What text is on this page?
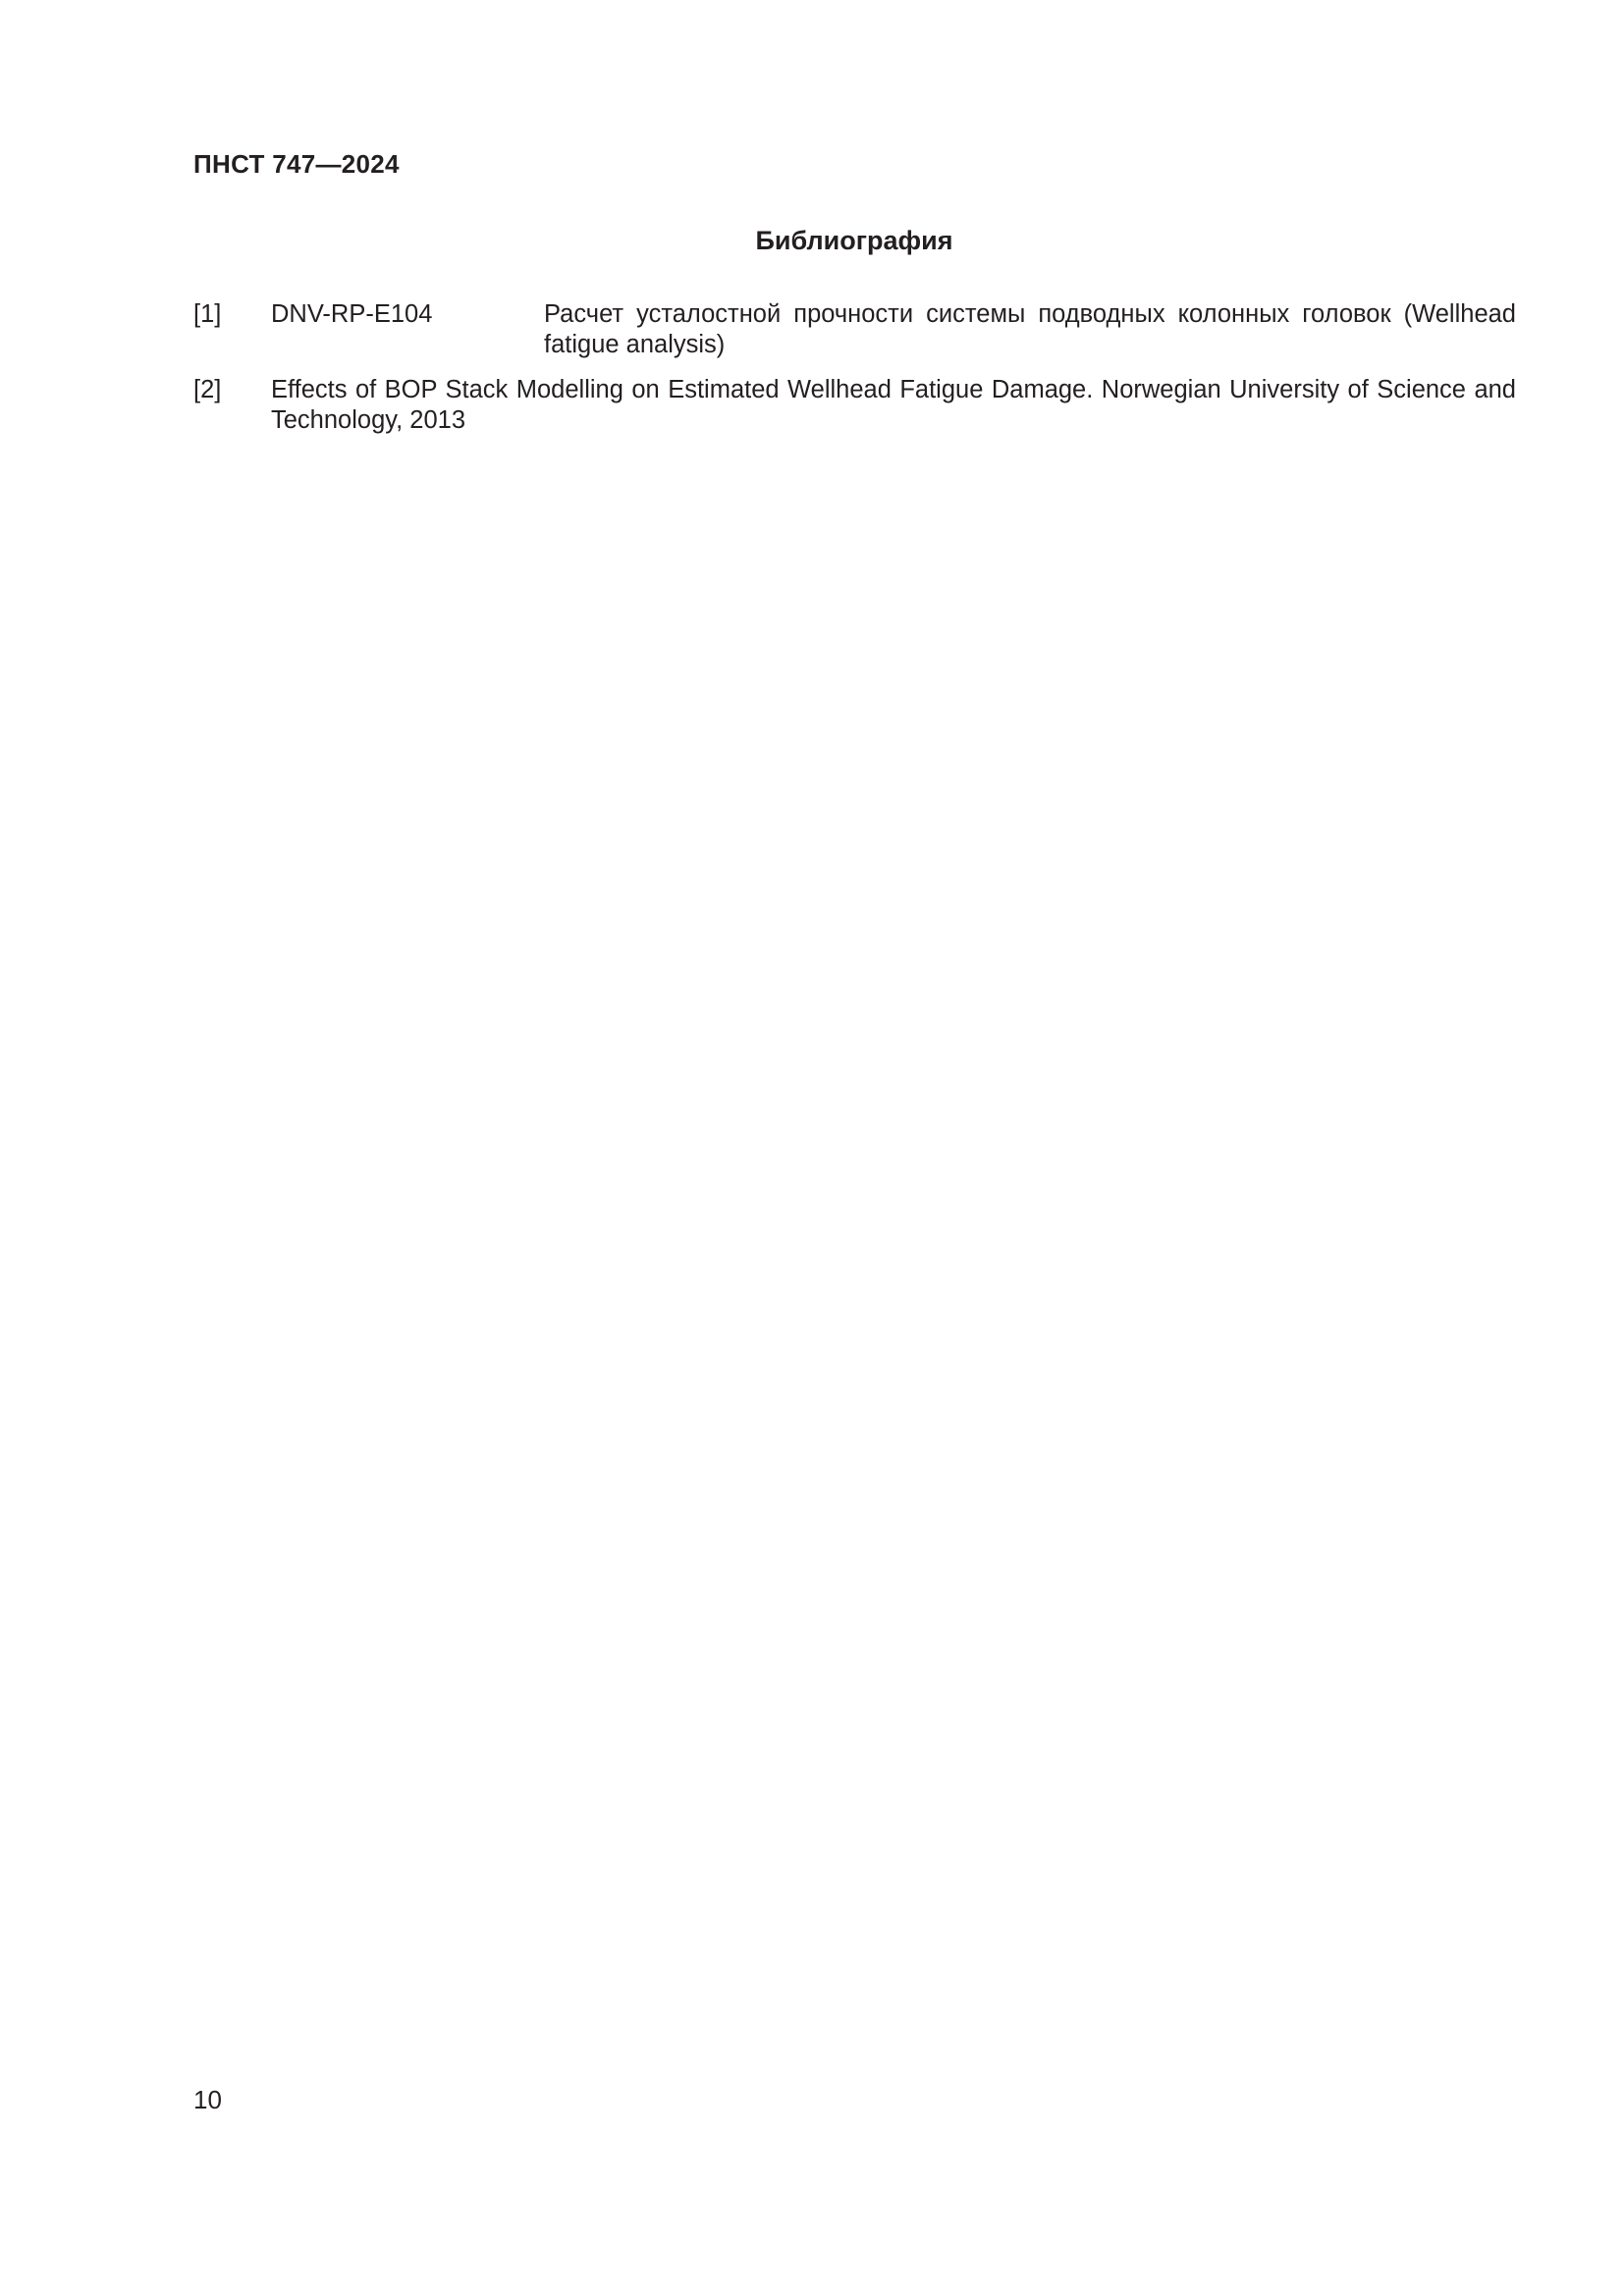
ПНСТ 747—2024

Библиография
[1]	DNV-RP-E104	Расчет усталостной прочности системы подводных колонных головок (Wellhead fatigue analysis)
[2]	Effects of BOP Stack Modelling on Estimated Wellhead Fatigue Damage. Norwegian University of Science and Technology, 2013

10
